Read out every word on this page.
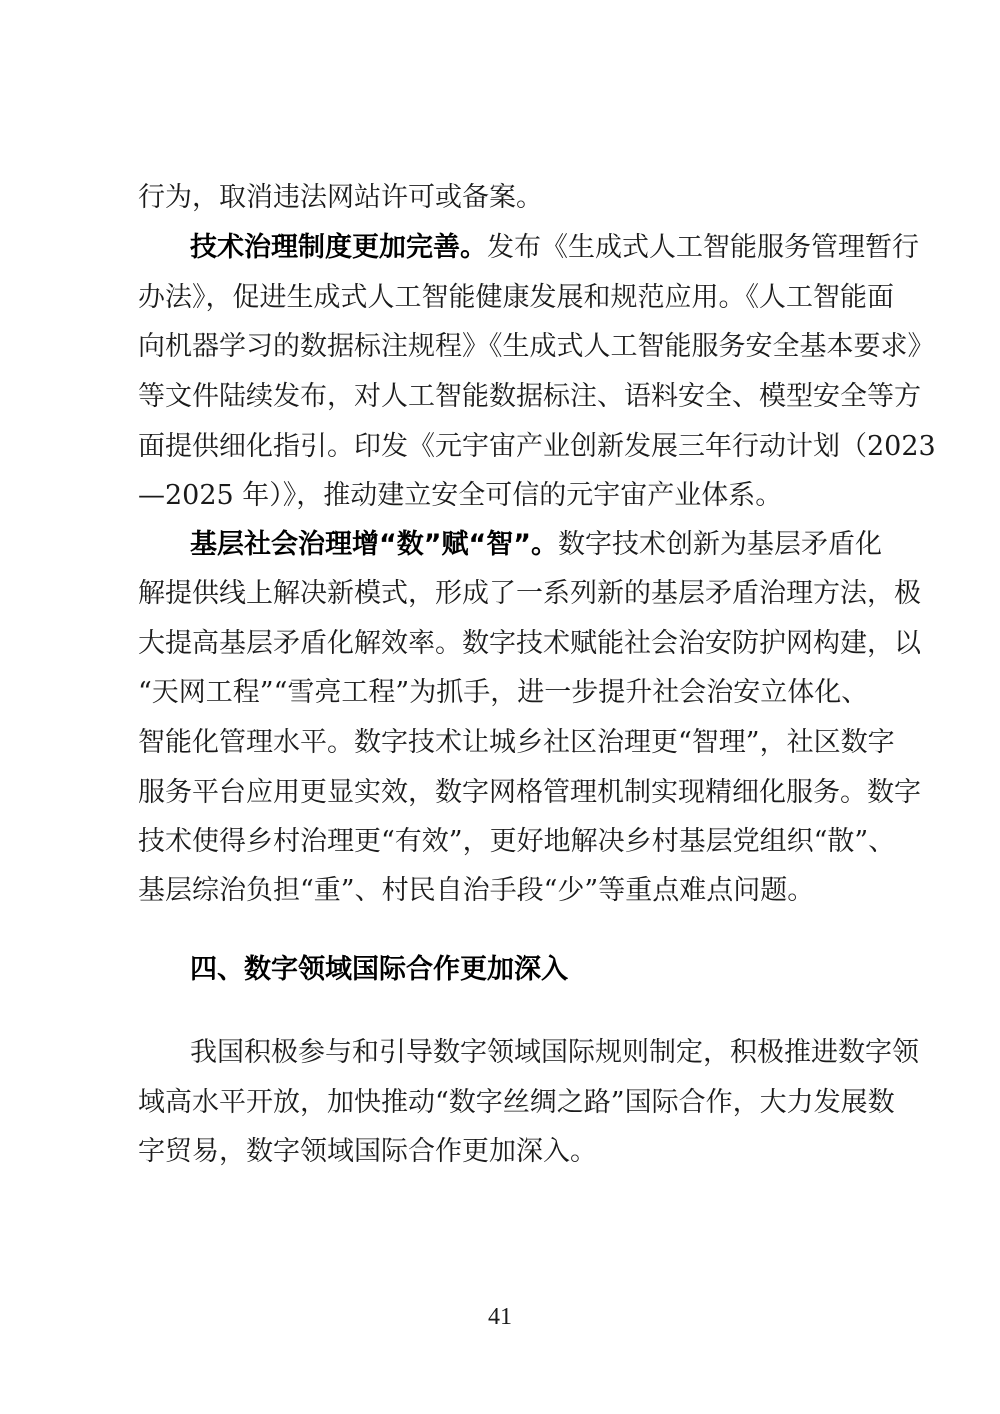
行为，取消违法网站许可或备案。
技术治理制度更加完善。发布《生成式人工智能服务管理暂行
办法》，促进生成式人工智能健康发展和规范应用。《人工智能面
向机器学习的数据标注规程》《生成式人工智能服务安全基本要求》
等文件陆续发布，对人工智能数据标注、语料安全、模型安全等方
面提供细化指引。印发《元宇宙产业创新发展三年行动计划（2023
—2025 年）》，推动建立安全可信的元宇宙产业体系。
基层社会治理增“数”赋“智”。数字技术创新为基层矛盾化
解提供线上解决新模式，形成了一系列新的基层矛盾治理方法，极
大提高基层矛盾化解效率。数字技术赋能社会治安防护网构建，以
“天网工程”“雪亮工程”为抓手，进一步提升社会治安立体化、
智能化管理水平。数字技术让城乡社区治理更“智理”，社区数字
服务平台应用更显实效，数字网格管理机制实现精细化服务。数字
技术使得乡村治理更“有效”，更好地解决乡村基层党组织“散”、
基层综治负担“重”、村民自治手段“少”等重点难点问题。
四、数字领域国际合作更加深入
我国积极参与和引导数字领域国际规则制定，积极推进数字领
域高水平开放，加快推动“数字丝绸之路”国际合作，大力发展数
字贸易，数字领域国际合作更加深入。
41
